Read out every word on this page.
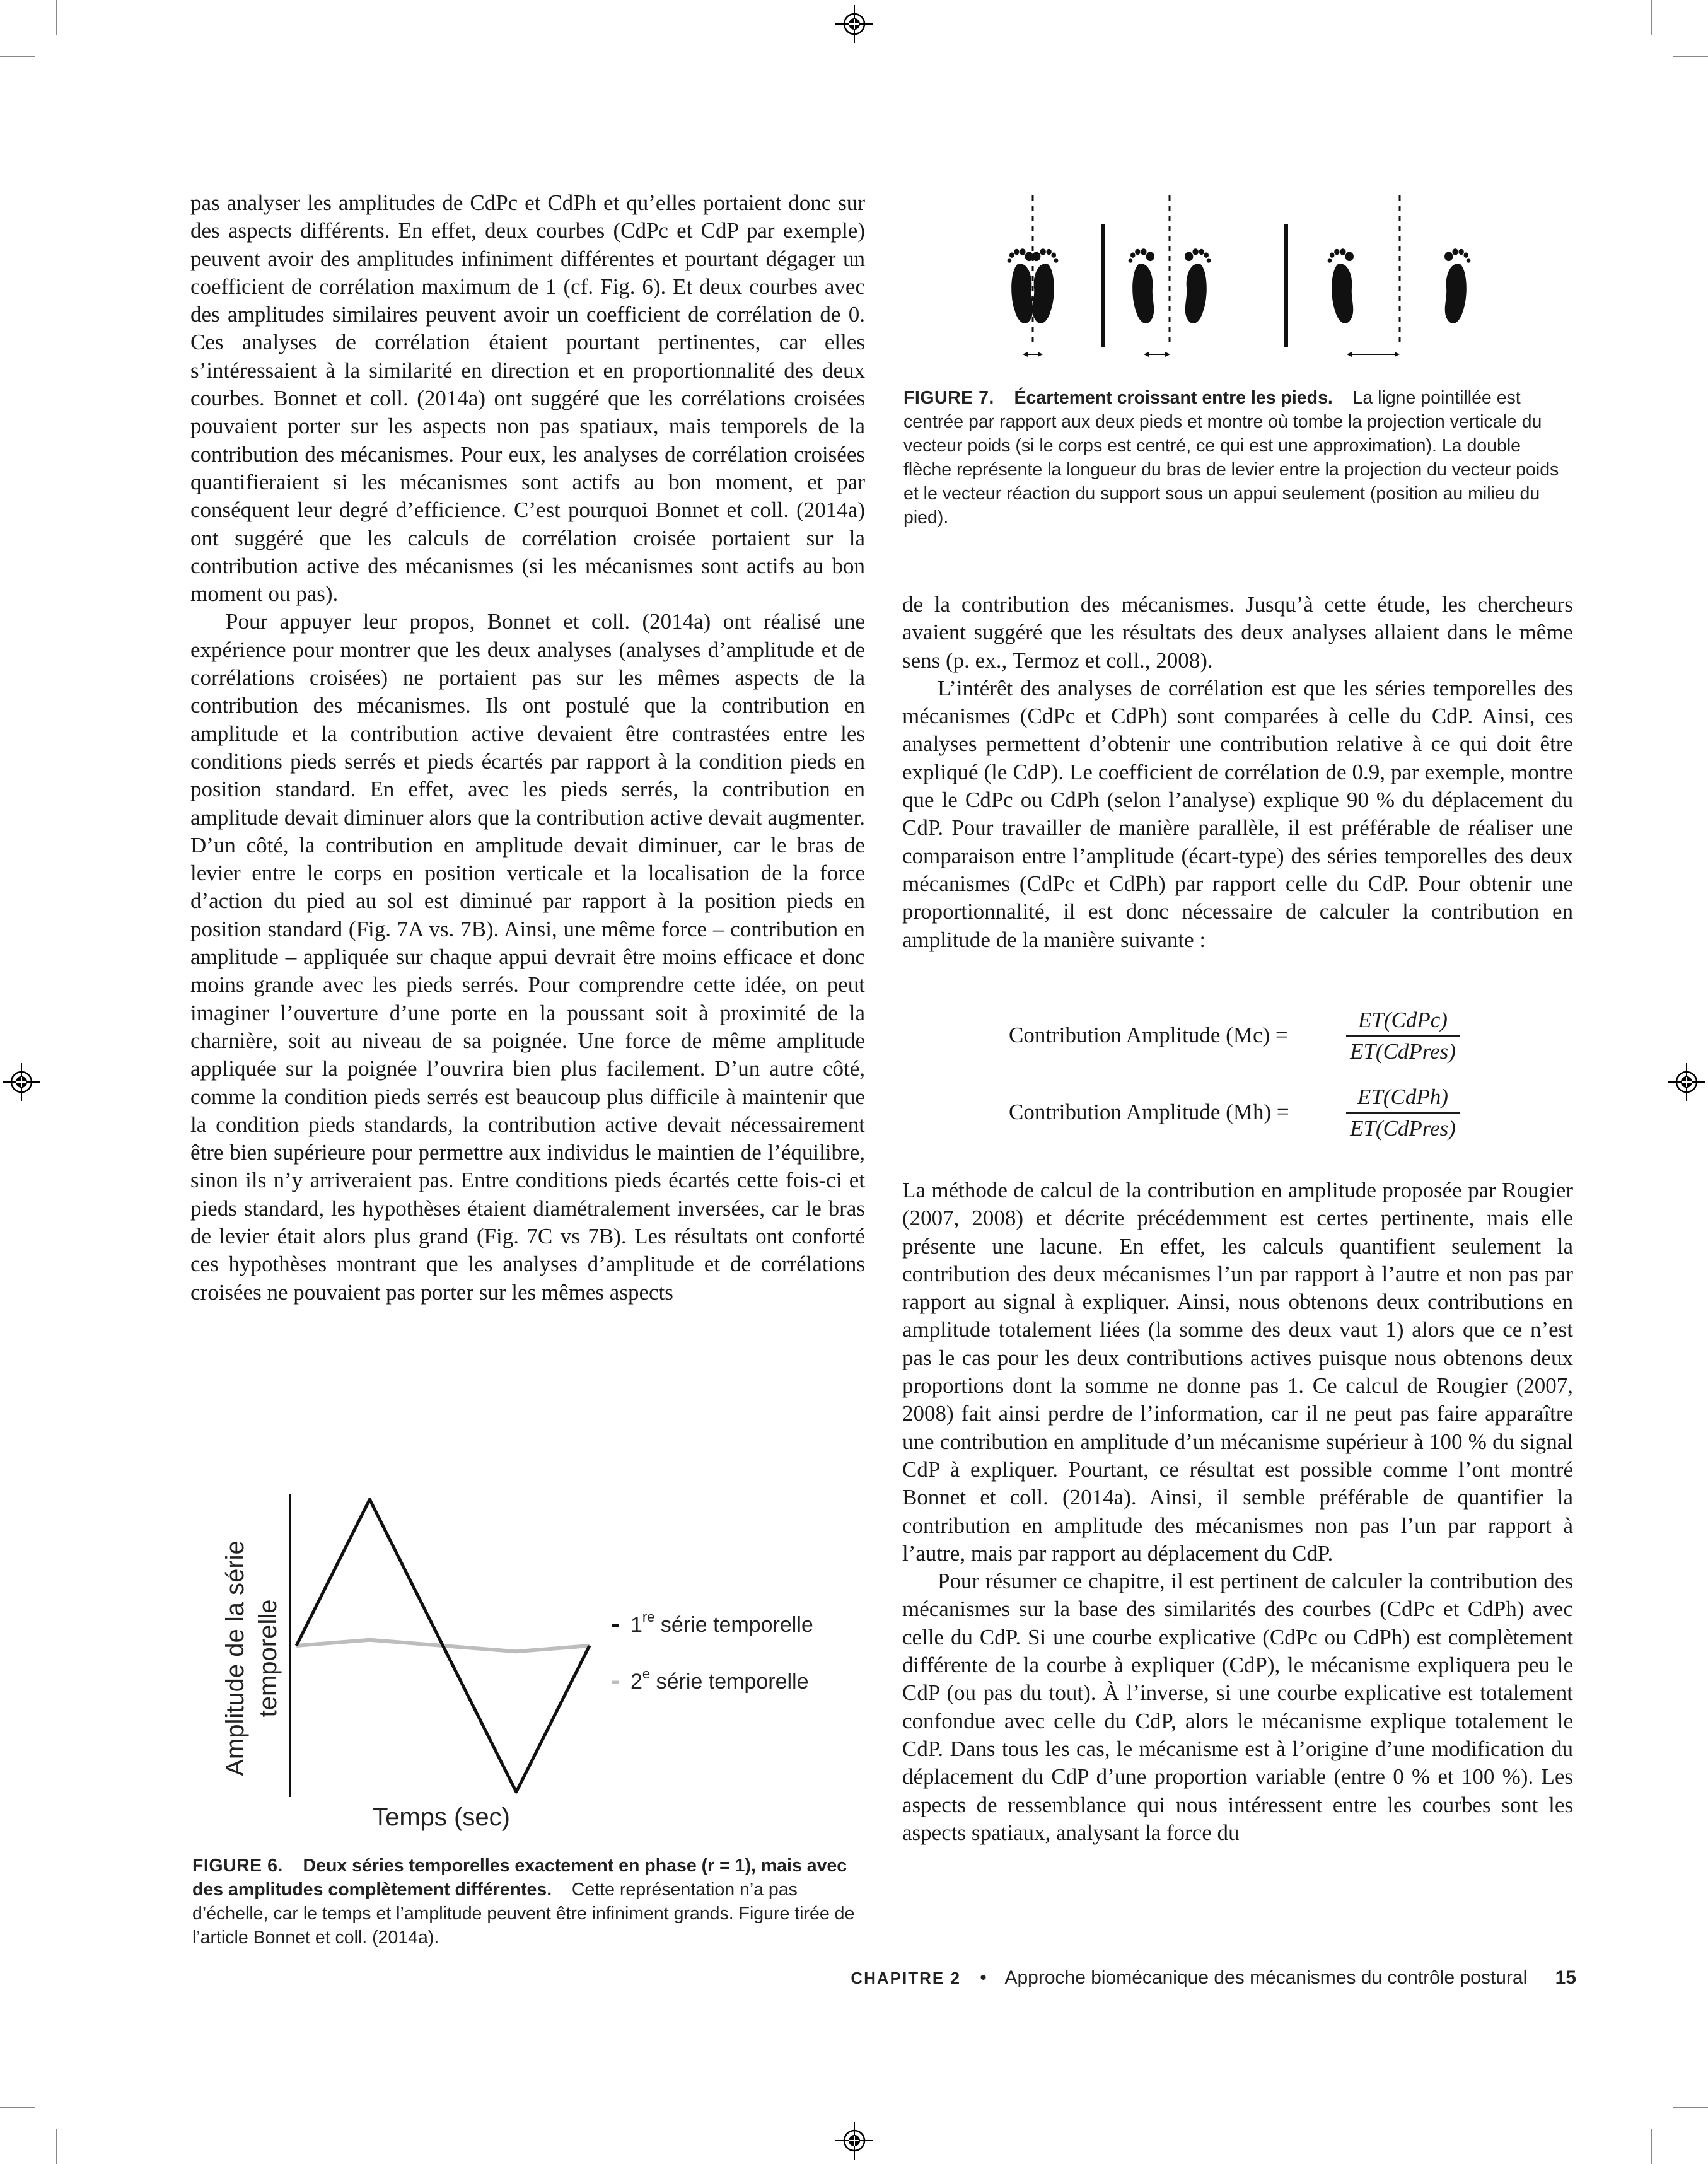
pas analyser les amplitudes de CdPc et CdPh et qu’elles portaient donc sur des aspects différents. En effet, deux courbes (CdPc et CdP par exemple) peuvent avoir des amplitudes infiniment différentes et pourtant dégager un coefficient de corrélation maximum de 1 (cf. Fig. 6). Et deux courbes avec des amplitudes similaires peuvent avoir un coefficient de corrélation de 0. Ces analyses de corrélation étaient pourtant pertinentes, car elles s’intéressaient à la similarité en direction et en proportionnalité des deux courbes. Bonnet et coll. (2014a) ont suggéré que les corrélations croisées pouvaient porter sur les aspects non pas spatiaux, mais temporels de la contribution des mécanismes. Pour eux, les analyses de corrélation croisées quantifieraient si les mécanismes sont actifs au bon moment, et par conséquent leur degré d’efficience. C’est pourquoi Bonnet et coll. (2014a) ont suggéré que les calculs de corrélation croisée portaient sur la contribution active des mécanismes (si les mécanismes sont actifs au bon moment ou pas).

Pour appuyer leur propos, Bonnet et coll. (2014a) ont réalisé une expérience pour montrer que les deux analyses (analyses d’amplitude et de corrélations croisées) ne portaient pas sur les mêmes aspects de la contribution des mécanismes. Ils ont postulé que la contribution en amplitude et la contribution active devaient être contrastées entre les conditions pieds serrés et pieds écartés par rapport à la condition pieds en position standard. En effet, avec les pieds serrés, la contribution en amplitude devait diminuer alors que la contribution active devait augmenter. D’un côté, la contribution en amplitude devait diminuer, car le bras de levier entre le corps en position verticale et la localisation de la force d’action du pied au sol est diminué par rapport à la position pieds en position standard (Fig. 7A vs. 7B). Ainsi, une même force – contribution en amplitude – appliquée sur chaque appui devrait être moins efficace et donc moins grande avec les pieds serrés. Pour comprendre cette idée, on peut imaginer l’ouverture d’une porte en la poussant soit à proximité de la charnière, soit au niveau de sa poignée. Une force de même amplitude appliquée sur la poignée l’ouvrira bien plus facilement. D’un autre côté, comme la condition pieds serrés est beaucoup plus difficile à maintenir que la condition pieds standards, la contribution active devait nécessairement être bien supérieure pour permettre aux individus le maintien de l’équilibre, sinon ils n’y arriveraient pas. Entre conditions pieds écartés cette fois-ci et pieds standard, les hypothèses étaient diamétralement inversées, car le bras de levier était alors plus grand (Fig. 7C vs 7B). Les résultats ont conforté ces hypothèses montrant que les analyses d’amplitude et de corrélations croisées ne pouvaient pas porter sur les mêmes aspects

FIGURE 7. Écartement croissant entre les pieds. La ligne pointillée est centrée par rapport aux deux pieds et montre où tombe la projection verticale du vecteur poids (si le corps est centré, ce qui est une approximation). La double flèche représente la longueur du bras de levier entre la projection du vecteur poids et le vecteur réaction du support sous un appui seulement (position au milieu du pied).

de la contribution des mécanismes. Jusqu’à cette étude, les chercheurs avaient suggéré que les résultats des deux analyses allaient dans le même sens (p. ex., Termoz et coll., 2008).

L’intérêt des analyses de corrélation est que les séries temporelles des mécanismes (CdPc et CdPh) sont comparées à celle du CdP. Ainsi, ces analyses permettent d’obtenir une contribution relative à ce qui doit être expliqué (le CdP). Le coefficient de corrélation de 0.9, par exemple, montre que le CdPc ou CdPh (selon l’analyse) explique 90 % du déplacement du CdP. Pour travailler de manière parallèle, il est préférable de réaliser une comparaison entre l’amplitude (écart-type) des séries temporelles des deux mécanismes (CdPc et CdPh) par rapport celle du CdP. Pour obtenir une proportionnalité, il est donc nécessaire de calculer la contribution en amplitude de la manière suivante :

Contribution Amplitude (Mc) =
ET(CdPc)
ET(CdPres)
Contribution Amplitude (Mh) =
ET(CdPh)
ET(CdPres)

La méthode de calcul de la contribution en amplitude proposée par Rougier (2007, 2008) et décrite précédemment est certes pertinente, mais elle présente une lacune. En effet, les calculs quantifient seulement la contribution des deux mécanismes l’un par rapport à l’autre et non pas par rapport au signal à expliquer. Ainsi, nous obtenons deux contributions en amplitude totalement liées (la somme des deux vaut 1) alors que ce n’est pas le cas pour les deux contributions actives puisque nous obtenons deux proportions dont la somme ne donne pas 1. Ce calcul de Rougier (2007, 2008) fait ainsi perdre de l’information, car il ne peut pas faire apparaître une contribution en amplitude d’un mécanisme supérieur à 100 % du signal CdP à expliquer. Pourtant, ce résultat est possible comme l’ont montré Bonnet et coll. (2014a). Ainsi, il semble préférable de quantifier la contribution en amplitude des mécanismes non pas l’un par rapport à l’autre, mais par rapport au déplacement du CdP.

Pour résumer ce chapitre, il est pertinent de calculer la contribution des mécanismes sur la base des similarités des courbes (CdPc et CdPh) avec celle du CdP. Si une courbe explicative (CdPc ou CdPh) est complètement différente de la courbe à expliquer (CdP), le mécanisme expliquera peu le CdP (ou pas du tout). À l’inverse, si une courbe explicative est totalement confondue avec celle du CdP, alors le mécanisme explique totalement le CdP. Dans tous les cas, le mécanisme est à l’origine d’une modification du déplacement du CdP d’une proportion variable (entre 0 % et 100 %). Les aspects de ressemblance qui nous intéressent entre les courbes sont les aspects spatiaux, analysant la force du

Amplitude de la série temporelle
Temps (sec)
1re série temporelle
2e série temporelle
FIGURE 6. Deux séries temporelles exactement en phase (r = 1), mais avec des amplitudes complètement différentes. Cette représentation n’a pas d’échelle, car le temps et l’amplitude peuvent être infiniment grands. Figure tirée de l’article Bonnet et coll. (2014a).
CHAPITRE 2 • Approche biomécanique des mécanismes du contrôle postural 15
